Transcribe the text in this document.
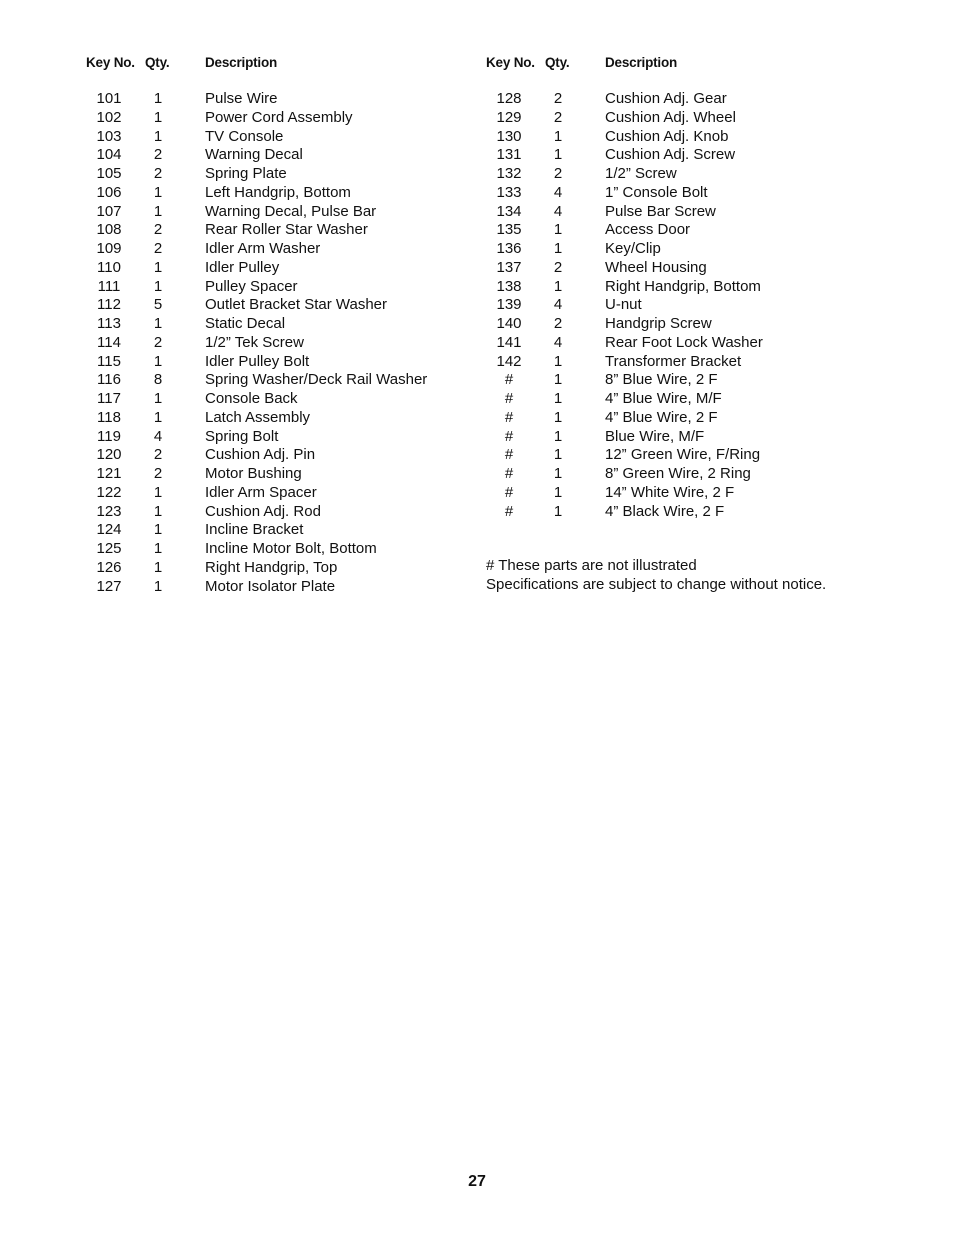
Key No. Qty.	Description
101	1	Pulse Wire
102	1	Power Cord Assembly
103	1	TV Console
104	2	Warning Decal
105	2	Spring Plate
106	1	Left Handgrip, Bottom
107	1	Warning Decal, Pulse Bar
108	2	Rear Roller Star Washer
109	2	Idler Arm Washer
110	1	Idler Pulley
111	1	Pulley Spacer
112	5	Outlet Bracket Star Washer
113	1	Static Decal
114	2	1/2” Tek Screw
115	1	Idler Pulley Bolt
116	8	Spring Washer/Deck Rail Washer
117	1	Console Back
118	1	Latch Assembly
119	4	Spring Bolt
120	2	Cushion Adj. Pin
121	2	Motor Bushing
122	1	Idler Arm Spacer
123	1	Cushion Adj. Rod
124	1	Incline Bracket
125	1	Incline Motor Bolt, Bottom
126	1	Right Handgrip, Top
127	1	Motor Isolator Plate
Key No. Qty.	Description
128	2	Cushion Adj. Gear
129	2	Cushion Adj. Wheel
130	1	Cushion Adj. Knob
131	1	Cushion Adj. Screw
132	2	1/2” Screw
133	4	1” Console Bolt
134	4	Pulse Bar Screw
135	1	Access Door
136	1	Key/Clip
137	2	Wheel Housing
138	1	Right Handgrip, Bottom
139	4	U-nut
140	2	Handgrip Screw
141	4	Rear Foot Lock Washer
142	1	Transformer Bracket
#	1	8” Blue Wire, 2 F
#	1	4” Blue Wire, M/F
#	1	4” Blue Wire, 2 F
#	1	Blue Wire, M/F
#	1	12” Green Wire, F/Ring
#	1	8” Green Wire, 2 Ring
#	1	14” White Wire, 2 F
#	1	4” Black Wire, 2 F
# These parts are not illustrated
Specifications are subject to change without notice.
27
